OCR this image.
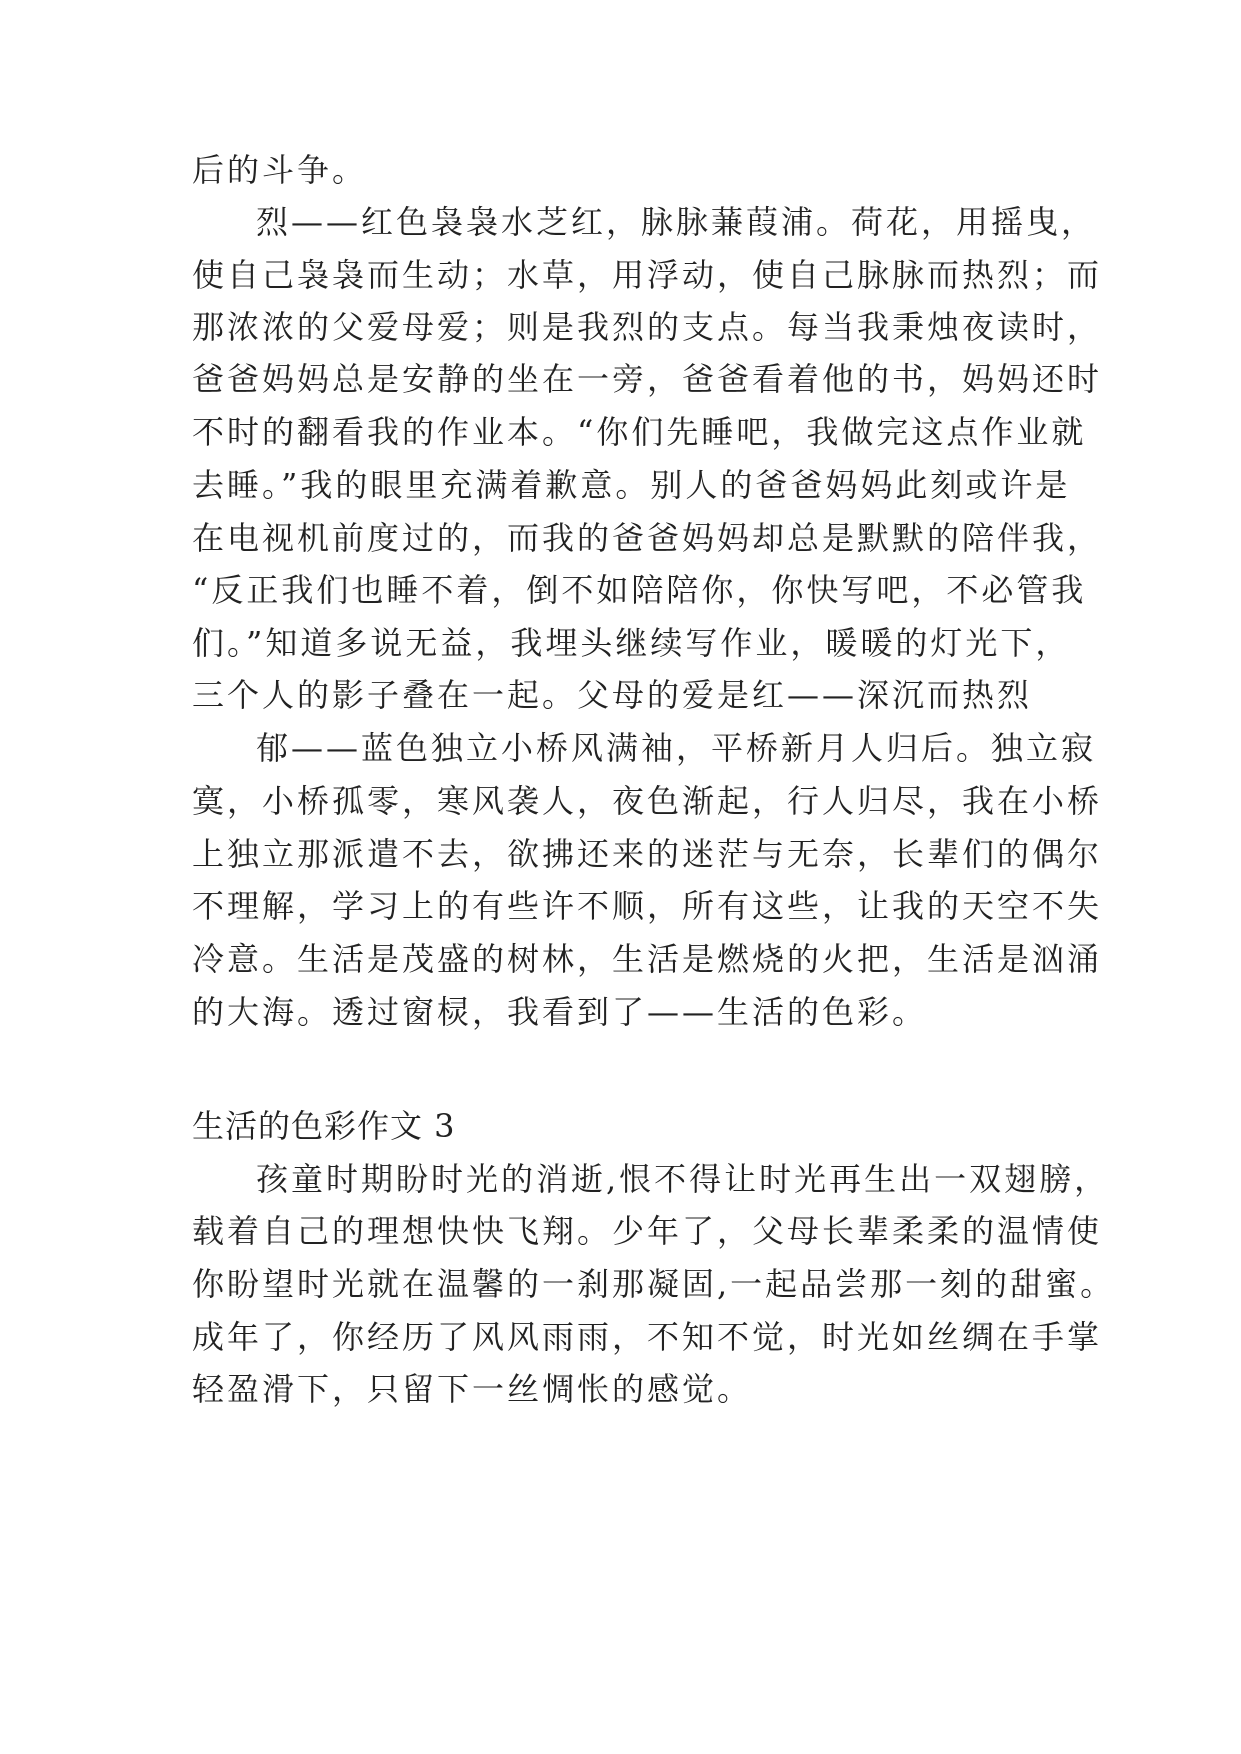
后的斗争。
烈——红色袅袅水芝红，脉脉蒹葭浦。荷花，用摇曳，
使自己袅袅而生动；水草，用浮动，使自己脉脉而热烈；而
那浓浓的父爱母爱；则是我烈的支点。每当我秉烛夜读时，
爸爸妈妈总是安静的坐在一旁，爸爸看着他的书，妈妈还时
不时的翻看我的作业本。“你们先睡吧，我做完这点作业就
去睡。”我的眼里充满着歉意。别人的爸爸妈妈此刻或许是
在电视机前度过的，而我的爸爸妈妈却总是默默的陪伴我，
“反正我们也睡不着，倒不如陪陪你，你快写吧，不必管我
们。”知道多说无益，我埋头继续写作业，暖暖的灯光下，
三个人的影子叠在一起。父母的爱是红——深沉而热烈
郁——蓝色独立小桥风满袖，平桥新月人归后。独立寂
寞，小桥孤零，寒风袭人，夜色渐起，行人归尽，我在小桥
上独立那派遣不去，欲拂还来的迷茫与无奈，长辈们的偶尔
不理解，学习上的有些许不顺，所有这些，让我的天空不失
冷意。生活是茂盛的树林，生活是燃烧的火把，生活是汹涌
的大海。透过窗棂，我看到了——生活的色彩。
生活的色彩作文 3
孩童时期盼时光的消逝,恨不得让时光再生出一双翅膀，
载着自己的理想快快飞翔。少年了，父母长辈柔柔的温情使
你盼望时光就在温馨的一刹那凝固,一起品尝那一刻的甜蜜。
成年了，你经历了风风雨雨，不知不觉，时光如丝绸在手掌
轻盈滑下，只留下一丝惆怅的感觉。
